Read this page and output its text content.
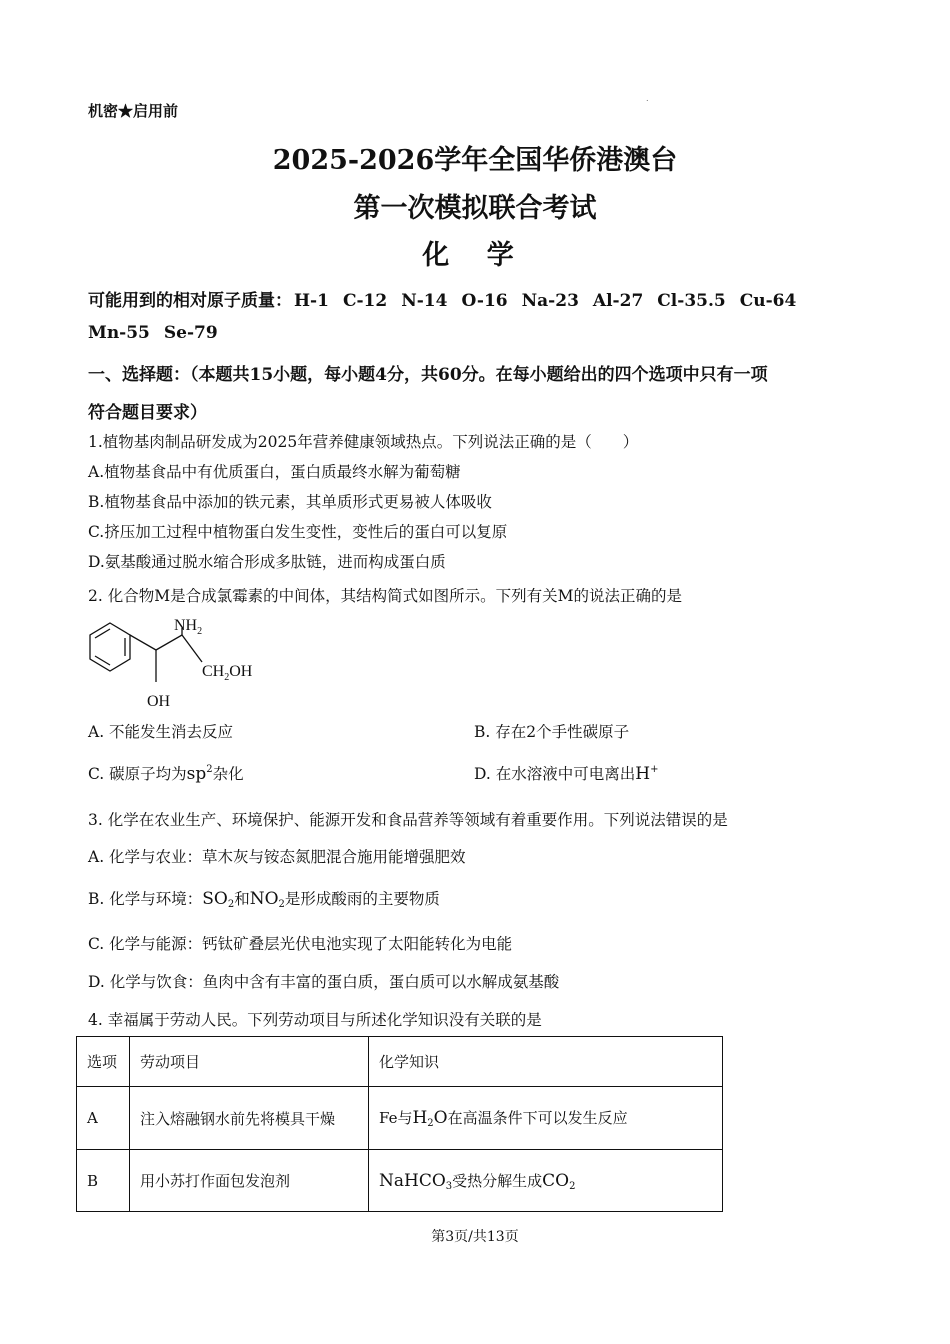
机密★启用前
.
2025-2026学年全国华侨港澳台
第一次模拟联合考试
化 学
可能用到的相对原子质量： H-1 C-12 N-14 O-16 Na-23 Al-27 Cl-35.5 Cu-64
Mn-55 Se-79
一、选择题：（本题共15小题，每小题4分，共60分。在每小题给出的四个选项中只有一项
符合题目要求）
1.植物基肉制品研发成为2025年营养健康领域热点。下列说法正确的是（　　）
A.植物基食品中有优质蛋白，蛋白质最终水解为葡萄糖
B.植物基食品中添加的铁元素，其单质形式更易被人体吸收
C.挤压加工过程中植物蛋白发生变性，变性后的蛋白可以复原
D.氨基酸通过脱水缩合形成多肽链，进而构成蛋白质
2. 化合物M是合成氯霉素的中间体，其结构简式如图所示。下列有关M的说法正确的是
$NH_2$
$CH_2OH$
OH
A. 不能发生消去反应	B. 存在2个手性碳原子
C. 碳原子均为$sp^2$杂化	D. 在水溶液中可电离出H+
3. 化学在农业生产、环境保护、能源开发和食品营养等领域有着重要作用。下列说法错误的是
A. 化学与农业：草木灰与铵态氮肥混合施用能增强肥效
B. 化学与环境：$SO_2$和$NO_2$是形成酸雨的主要物质
C. 化学与能源：钙钛矿叠层光伏电池实现了太阳能转化为电能
D. 化学与饮食：鱼肉中含有丰富的蛋白质，蛋白质可以水解成氨基酸
4. 幸福属于劳动人民。下列劳动项目与所述化学知识没有关联的是
选项	劳动项目	化学知识
A	注入熔融钢水前先将模具干燥	Fe与$H_2O$在高温条件下可以发生反应
B	用小苏打作面包发泡剂	NaHCO$_3$受热分解生成$CO_2$
第3页/共13页
